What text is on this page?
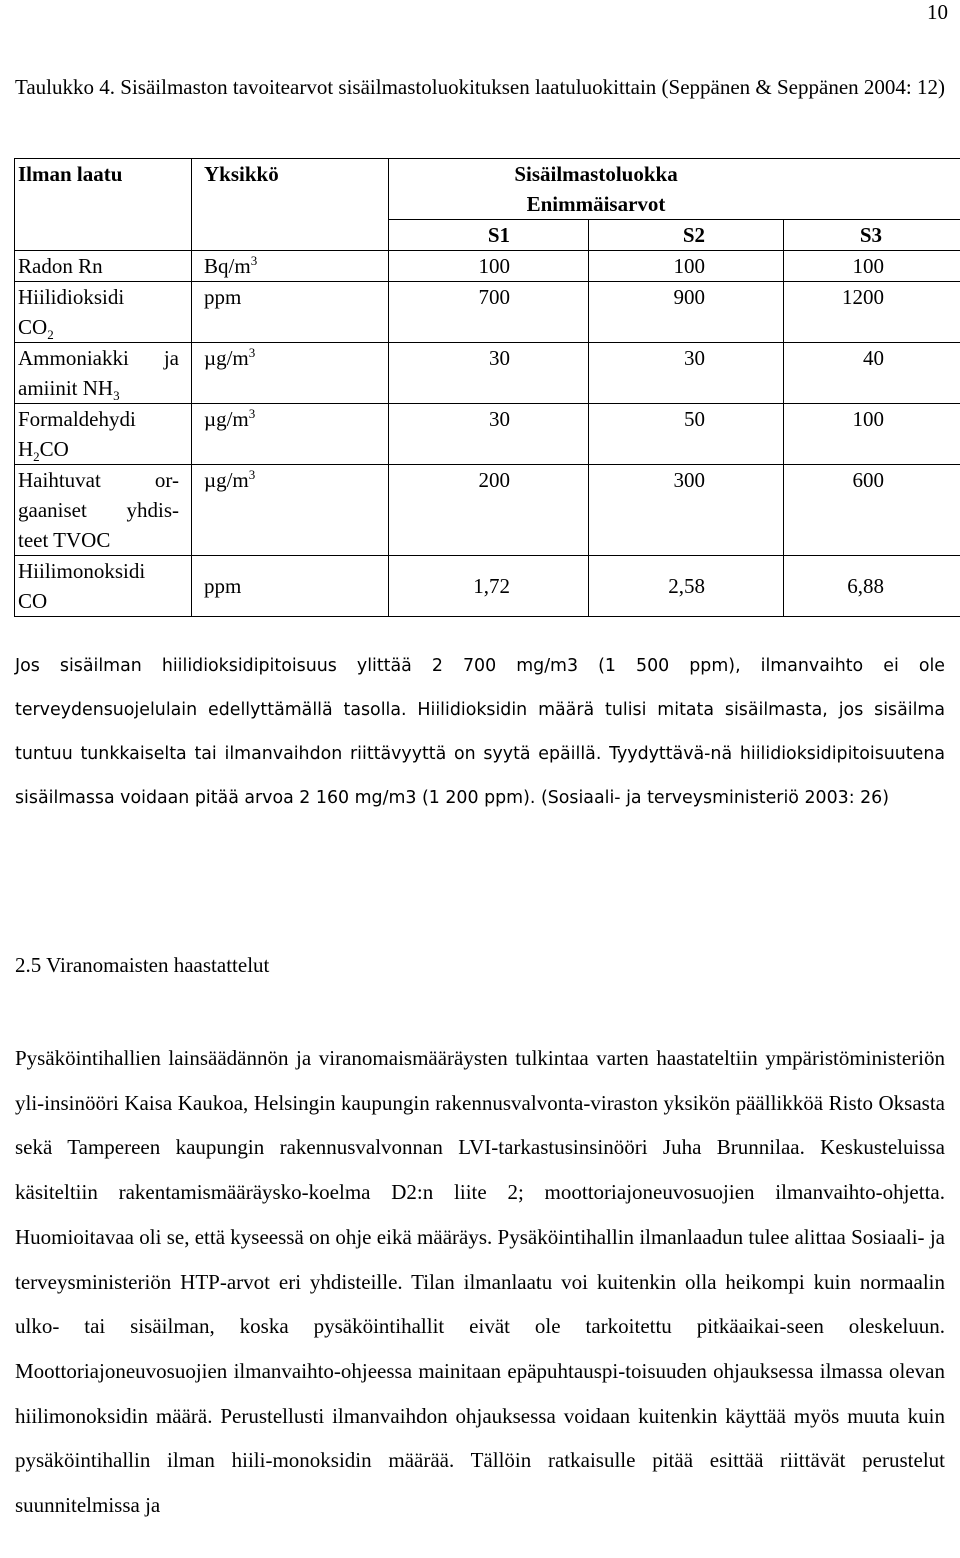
10

Taulukko 4. Sisäilmaston tavoitearvot sisäilmastoluokituksen laatuluokittain (Seppänen & Seppänen 2004: 12)

Ilman laatu	Yksikkö	Sisäilmastoluokka
Enimmäisarvot		

		S1	S2	S3
Radon Rn	$Bq/m^3$	100	100	100

Hiilidioksidi
$CO_2$	ppm	700	900	1200

Ammoniakki ja
amiinit $NH_3$	$\mu g/m^3$	30	30	40

Formaldehydi
$H_2CO$	$\mu g/m^3$	30	50	100

Haihtuvat or-
gaaniset yhdis-
teet TVOC	$\mu g/m^3$	200	300	600

Hiilimonoksidi
CO	ppm	1,72	2,58	6,88

Jos sisäilman hiilidioksidipitoisuus ylittää 2 700 mg/m3 (1 500 ppm), ilmanvaihto ei ole terveydensuojelulain edellyttämällä tasolla. Hiilidioksidin määrä tulisi mitata sisäilmasta, jos sisäilma tuntuu tunkkaiselta tai ilmanvaihdon riittävyyttä on syytä epäillä. Tyydyttävä-nä hiilidioksidipitoisuutena sisäilmassa voidaan pitää arvoa 2 160 mg/m3 (1 200 ppm). (Sosiaali- ja terveysministeriö 2003: 26)

2.5 Viranomaisten haastattelut

Pysäköintihallien lainsäädännön ja viranomaismääräysten tulkintaa varten haastateltiin ympäristöministeriön yli-insinööri Kaisa Kaukoa, Helsingin kaupungin rakennusvalvonta-viraston yksikön päällikköä Risto Oksasta sekä Tampereen kaupungin rakennusvalvonnan LVI-tarkastusinsinööri Juha Brunnilaa. Keskusteluissa käsiteltiin rakentamismääräysko-koelma D2:n liite 2; moottoriajoneuvosuojien ilmanvaihto-ohjetta. Huomioitavaa oli se, että kyseessä on ohje eikä määräys. Pysäköintihallin ilmanlaadun tulee alittaa Sosiaali- ja terveysministeriön HTP-arvot eri yhdisteille. Tilan ilmanlaatu voi kuitenkin olla heikompi kuin normaalin ulko- tai sisäilman, koska pysäköintihallit eivät ole tarkoitettu pitkäaikai-seen oleskeluun. Moottoriajoneuvosuojien ilmanvaihto-ohjeessa mainitaan epäpuhtauspi-toisuuden ohjauksessa ilmassa olevan hiilimonoksidin määrä. Perustellusti ilmanvaihdon ohjauksessa voidaan kuitenkin käyttää myös muuta kuin pysäköintihallin ilman hiili-monoksidin määrää. Tällöin ratkaisulle pitää esittää riittävät perustelut suunnitelmissa ja
